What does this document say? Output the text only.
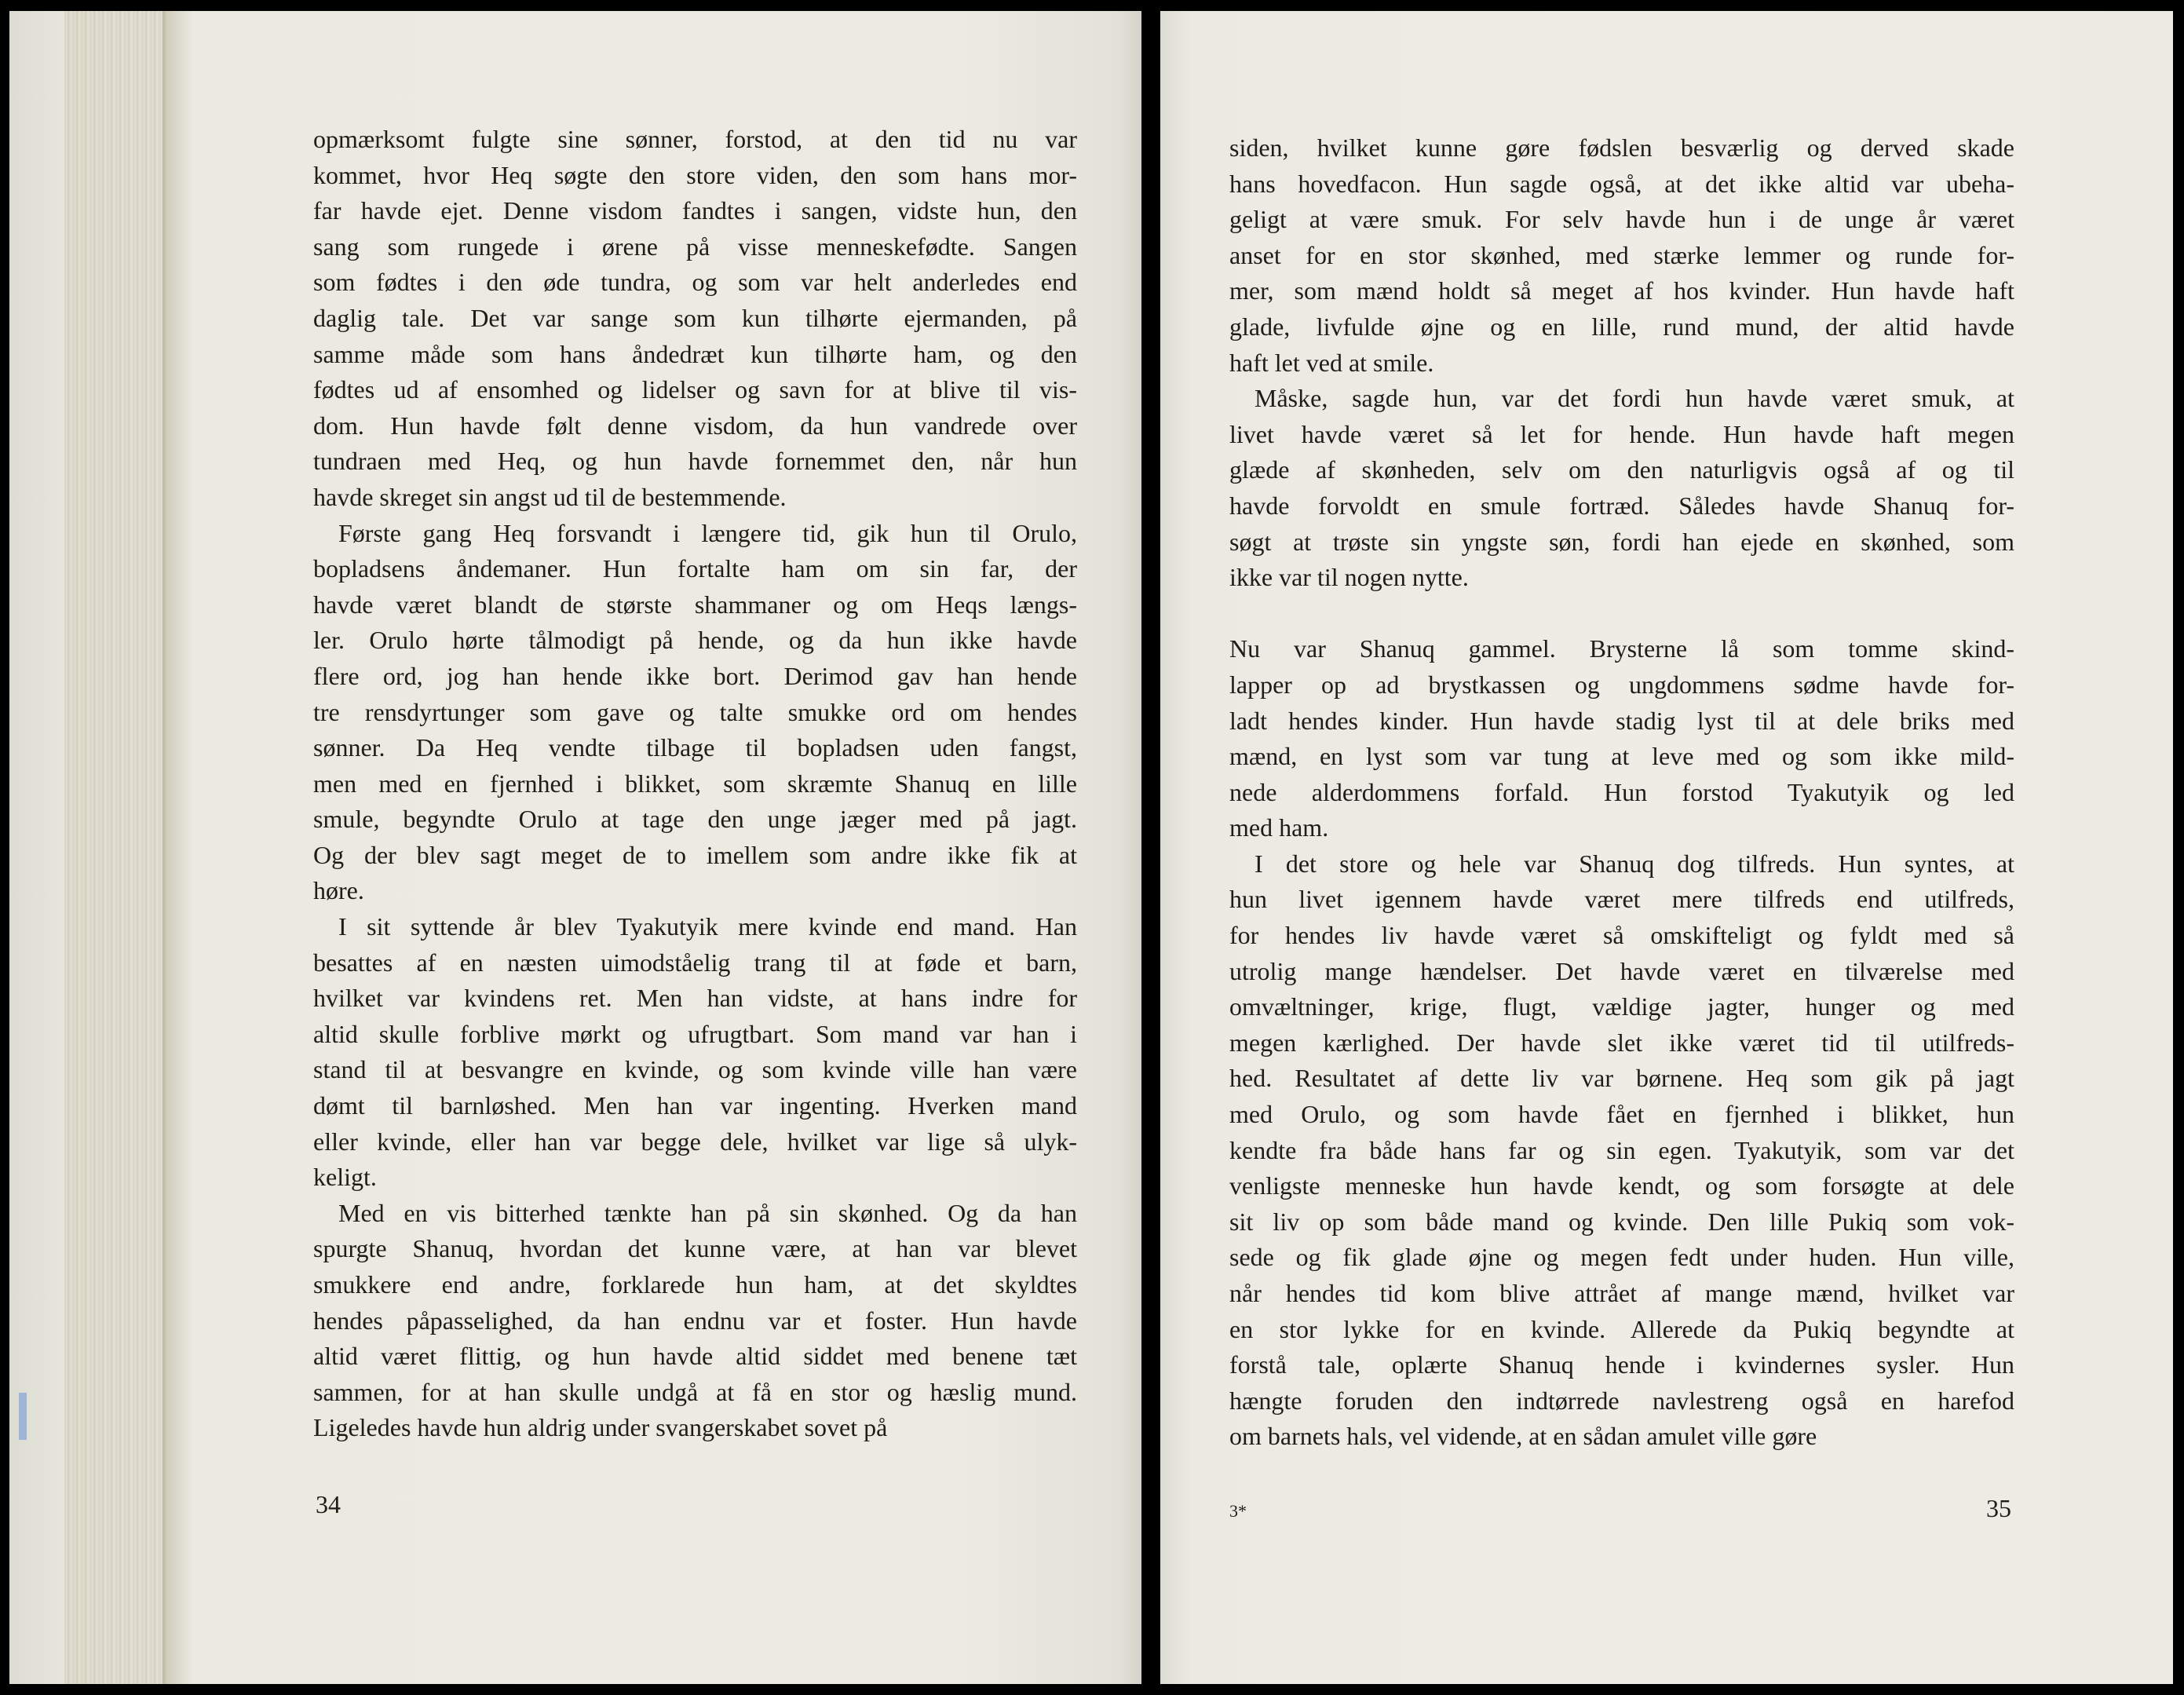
opmærksomt fulgte sine sønner, forstod, at den tid nu var
kommet, hvor Heq søgte den store viden, den som hans mor-
far havde ejet. Denne visdom fandtes i sangen, vidste hun, den
sang som rungede i ørene på visse menneskefødte. Sangen
som fødtes i den øde tundra, og som var helt anderledes end
daglig tale. Det var sange som kun tilhørte ejermanden, på
samme måde som hans åndedræt kun tilhørte ham, og den
fødtes ud af ensomhed og lidelser og savn for at blive til vis-
dom. Hun havde følt denne visdom, da hun vandrede over
tundraen med Heq, og hun havde fornemmet den, når hun
havde skreget sin angst ud til de bestemmende.
Første gang Heq forsvandt i længere tid, gik hun til Orulo,
bopladsens åndemaner. Hun fortalte ham om sin far, der
havde været blandt de største shammaner og om Heqs længs-
ler. Orulo hørte tålmodigt på hende, og da hun ikke havde
flere ord, jog han hende ikke bort. Derimod gav han hende
tre rensdyrtunger som gave og talte smukke ord om hendes
sønner. Da Heq vendte tilbage til bopladsen uden fangst,
men med en fjernhed i blikket, som skræmte Shanuq en lille
smule, begyndte Orulo at tage den unge jæger med på jagt.
Og der blev sagt meget de to imellem som andre ikke fik at
høre.
I sit syttende år blev Tyakutyik mere kvinde end mand. Han
besattes af en næsten uimodståelig trang til at føde et barn,
hvilket var kvindens ret. Men han vidste, at hans indre for
altid skulle forblive mørkt og ufrugtbart. Som mand var han i
stand til at besvangre en kvinde, og som kvinde ville han være
dømt til barnløshed. Men han var ingenting. Hverken mand
eller kvinde, eller han var begge dele, hvilket var lige så ulyk-
keligt.
Med en vis bitterhed tænkte han på sin skønhed. Og da han
spurgte Shanuq, hvordan det kunne være, at han var blevet
smukkere end andre, forklarede hun ham, at det skyldtes
hendes påpasselighed, da han endnu var et foster. Hun havde
altid været flittig, og hun havde altid siddet med benene tæt
sammen, for at han skulle undgå at få en stor og hæslig mund.
Ligeledes havde hun aldrig under svangerskabet sovet på
34
siden, hvilket kunne gøre fødslen besværlig og derved skade
hans hovedfacon. Hun sagde også, at det ikke altid var ubeha-
geligt at være smuk. For selv havde hun i de unge år været
anset for en stor skønhed, med stærke lemmer og runde for-
mer, som mænd holdt så meget af hos kvinder. Hun havde haft
glade, livfulde øjne og en lille, rund mund, der altid havde
haft let ved at smile.
Måske, sagde hun, var det fordi hun havde været smuk, at
livet havde været så let for hende. Hun havde haft megen
glæde af skønheden, selv om den naturligvis også af og til
havde forvoldt en smule fortræd. Således havde Shanuq for-
søgt at trøste sin yngste søn, fordi han ejede en skønhed, som
ikke var til nogen nytte.
Nu var Shanuq gammel. Brysterne lå som tomme skind-
lapper op ad brystkassen og ungdommens sødme havde for-
ladt hendes kinder. Hun havde stadig lyst til at dele briks med
mænd, en lyst som var tung at leve med og som ikke mild-
nede alderdommens forfald. Hun forstod Tyakutyik og led
med ham.
I det store og hele var Shanuq dog tilfreds. Hun syntes, at
hun livet igennem havde været mere tilfreds end utilfreds,
for hendes liv havde været så omskifteligt og fyldt med så
utrolig mange hændelser. Det havde været en tilværelse med
omvæltninger, krige, flugt, vældige jagter, hunger og med
megen kærlighed. Der havde slet ikke været tid til utilfreds-
hed. Resultatet af dette liv var børnene. Heq som gik på jagt
med Orulo, og som havde fået en fjernhed i blikket, hun
kendte fra både hans far og sin egen. Tyakutyik, som var det
venligste menneske hun havde kendt, og som forsøgte at dele
sit liv op som både mand og kvinde. Den lille Pukiq som vok-
sede og fik glade øjne og megen fedt under huden. Hun ville,
når hendes tid kom blive attrået af mange mænd, hvilket var
en stor lykke for en kvinde. Allerede da Pukiq begyndte at
forstå tale, oplærte Shanuq hende i kvindernes sysler. Hun
hængte foruden den indtørrede navlestreng også en harefod
om barnets hals, vel vidende, at en sådan amulet ville gøre
3*	35
